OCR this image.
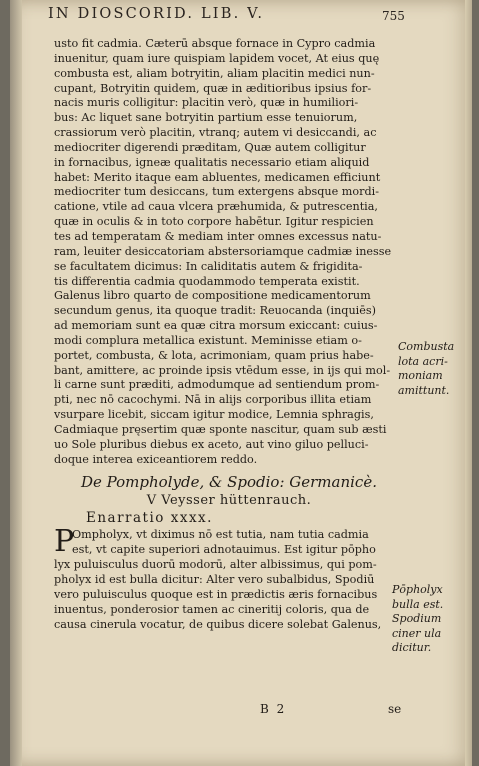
IN DIOSCORID. LIB. V.	755
usto fit cadmia. Cæterū absque fornace in Cypro cadmia
inuenitur, quam iure quispiam lapidem vocet, At eius quę
combusta est, aliam botryitin, aliam placitin medici nun-
cupant, Botryitin quidem, quæ in æditioribus ipsius for-
nacis muris colligitur: placitin verò, quæ in humiliori-
bus: Ac liquet sane botryitin partium esse tenuiorum,
crassiorum verò placitin, vtranq; autem vi desiccandi, ac
mediocriter digerendi præditam, Quæ autem colligitur
in fornacibus, igneæ qualitatis necessario etiam aliquid
habet: Merito itaque eam abluentes, medicamen efficiunt
mediocriter tum desiccans, tum extergens absque mordi-
catione, vtile ad caua vlcera præhumida, & putrescentia,
quæ in oculis & in toto corpore habētur. Igitur respicien
tes ad temperatam & mediam inter omnes excessus natu-
ram, leuiter desiccatoriam abstersoriamque cadmiæ inesse
se facultatem dicimus: In caliditatis autem & frigidita-
tis differentia cadmia quodammodo temperata existit.
Galenus libro quarto de compositione medicamentorum
secundum genus, ita quoque tradit: Reuocanda (inquiēs)
ad memoriam sunt ea quæ citra morsum exiccant: cuius-
modi complura metallica existunt. Meminisse etiam o-
portet, combusta, & lota, acrimoniam, quam prius habe-
bant, amittere, ac proinde ipsis vtēdum esse, in ijs qui mol-
li carne sunt præditi, admodumque ad sentiendum prom-
pti, nec nō cacochymi. Nā in alijs corporibus illita etiam
vsurpare licebit, siccam igitur modice, Lemnia sphragis,
Cadmiaque pręsertim quæ sponte nascitur, quam sub æsti
uo Sole pluribus diebus ex aceto, aut vino giluo pelluci-
doque interea exiceantiorem reddo.
De Pompholyde, & Spodio: Germanicè.
V Veysser hüttenrauch.
Enarratio xxxx.
P
Ompholyx, vt diximus nō est tutia, nam tutia cadmia
est, vt capite superiori adnotauimus. Est igitur pōpho
lyx puluisculus duorū modorū, alter albissimus, qui pom-
pholyx id est bulla dicitur: Alter vero subalbidus, Spodiū
vero puluisculus quoque est in prædictis æris fornacibus
inuentus, ponderosior tamen ac cineritij coloris, qua de
causa cinerula vocatur, de quibus dicere solebat Galenus,
Combusta
lota acri-
moniam
amittunt.
Pōpholyx
bulla est.
Spodium
ciner ula
dicitur.
B 2	se
